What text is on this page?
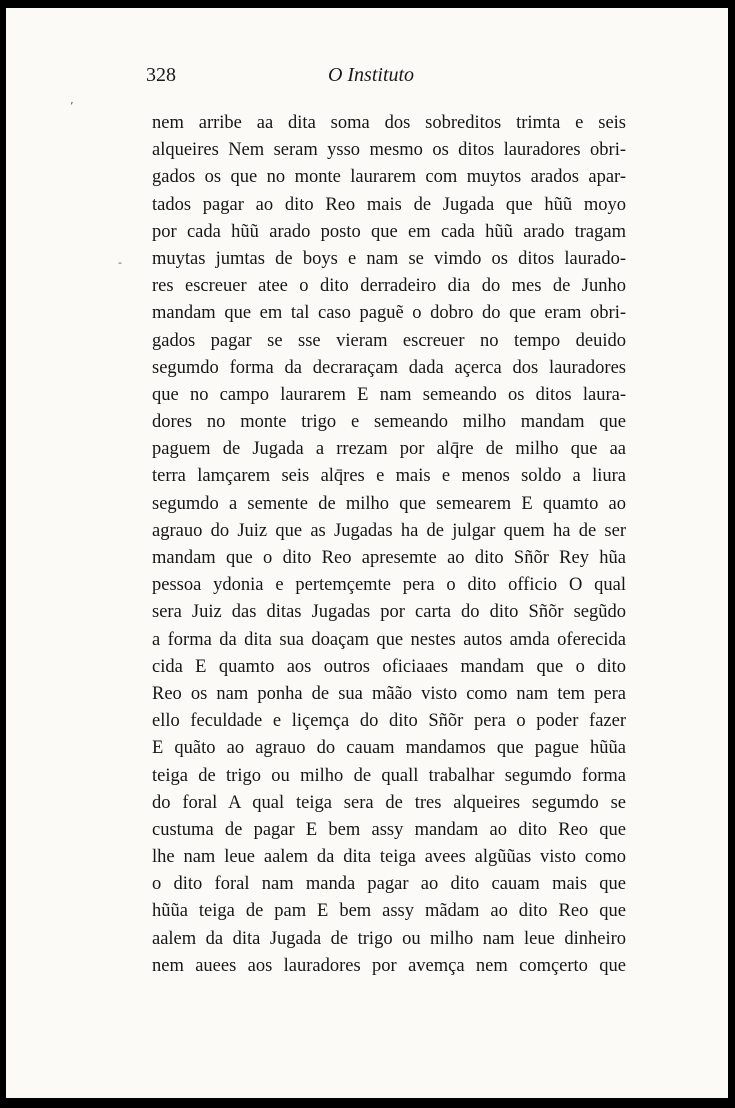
328	O Instituto
ʼ
-
nem arribe aa dita soma dos sobreditos trimta e seis
alqueires Nem seram ysso mesmo os ditos lauradores obri-
gados os que no monte laurarem com muytos arados apar-
tados pagar ao dito Reo mais de Jugada que hũũ moyo
por cada hũũ arado posto que em cada hũũ arado tragam
muytas jumtas de boys e nam se vimdo os ditos laurado-
res escreuer atee o dito derradeiro dia do mes de Junho
mandam que em tal caso paguẽ o dobro do que eram obri-
gados pagar se sse vieram escreuer no tempo deuido
segumdo forma da decraraçam dada açerca dos lauradores
que no campo laurarem E nam semeando os ditos laura-
dores no monte trigo e semeando milho mandam que
paguem de Jugada a rrezam por alq̄re de milho que aa
terra lamçarem seis alq̄res e mais e menos soldo a liura
segumdo a semente de milho que semearem E quamto ao
agrauo do Juiz que as Jugadas ha de julgar quem ha de ser
mandam que o dito Reo apresemte ao dito Sñõr Rey hũa
pessoa ydonia e pertemçemte pera o dito officio O qual
sera Juiz das ditas Jugadas por carta do dito Sñõr segũdo
a forma da dita sua doaçam que nestes autos amda oferecida
cida E quamto aos outros oficiaaes mandam que o dito
Reo os nam ponha de sua mããо visto como nam tem pera
ello feculdade e liçemça do dito Sñõr pera o poder fazer
E quãto ao agrauo do cauam mandamos que pague hũũa
teiga de trigo ou milho de quall trabalhar segumdo forma
do foral A qual teiga sera de tres alqueires segumdo se
custuma de pagar E bem assy mandam ao dito Reo que
lhe nam leue aalem da dita teiga avees algũũas visto como
o dito foral nam manda pagar ao dito cauam mais que
hũũa teiga de pam E bem assy mãdam ao dito Reo que
aalem da dita Jugada de trigo ou milho nam leue dinheiro
nem auees aos lauradores por avemça nem comçerto que
